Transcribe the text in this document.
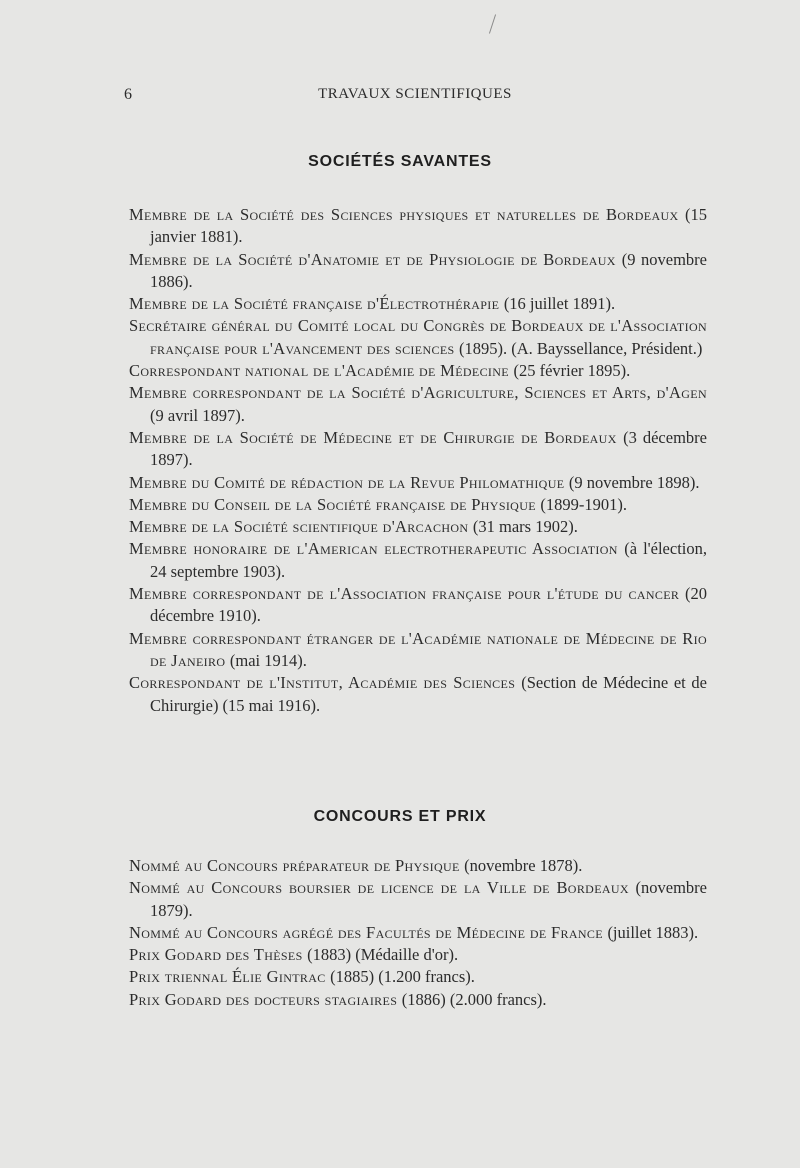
6	TRAVAUX SCIENTIFIQUES
SOCIÉTÉS SAVANTES
Membre de la Société des Sciences physiques et naturelles de Bordeaux (15 janvier 1881).
Membre de la Société d'Anatomie et de Physiologie de Bordeaux (9 novembre 1886).
Membre de la Société française d'Électrothérapie (16 juillet 1891).
Secrétaire général du Comité local du Congrès de Bordeaux de l'Association française pour l'Avancement des sciences (1895). (A. Bayssellance, Président.)
Correspondant national de l'Académie de Médecine (25 février 1895).
Membre correspondant de la Société d'Agriculture, Sciences et Arts, d'Agen (9 avril 1897).
Membre de la Société de Médecine et de Chirurgie de Bordeaux (3 décembre 1897).
Membre du Comité de rédaction de la Revue Philomathique (9 novembre 1898).
Membre du Conseil de la Société française de Physique (1899-1901).
Membre de la Société scientifique d'Arcachon (31 mars 1902).
Membre honoraire de l'American electrotherapeutic Association (à l'élection, 24 septembre 1903).
Membre correspondant de l'Association française pour l'étude du cancer (20 décembre 1910).
Membre correspondant étranger de l'Académie nationale de Médecine de Rio de Janeiro (mai 1914).
Correspondant de l'Institut, Académie des Sciences (Section de Médecine et de Chirurgie) (15 mai 1916).
CONCOURS ET PRIX
Nommé au Concours préparateur de Physique (novembre 1878).
Nommé au Concours boursier de licence de la Ville de Bordeaux (novembre 1879).
Nommé au Concours agrégé des Facultés de Médecine de France (juillet 1883).
Prix Godard des Thèses (1883) (Médaille d'or).
Prix triennal Élie Gintrac (1885) (1.200 francs).
Prix Godard des docteurs stagiaires (1886) (2.000 francs).
